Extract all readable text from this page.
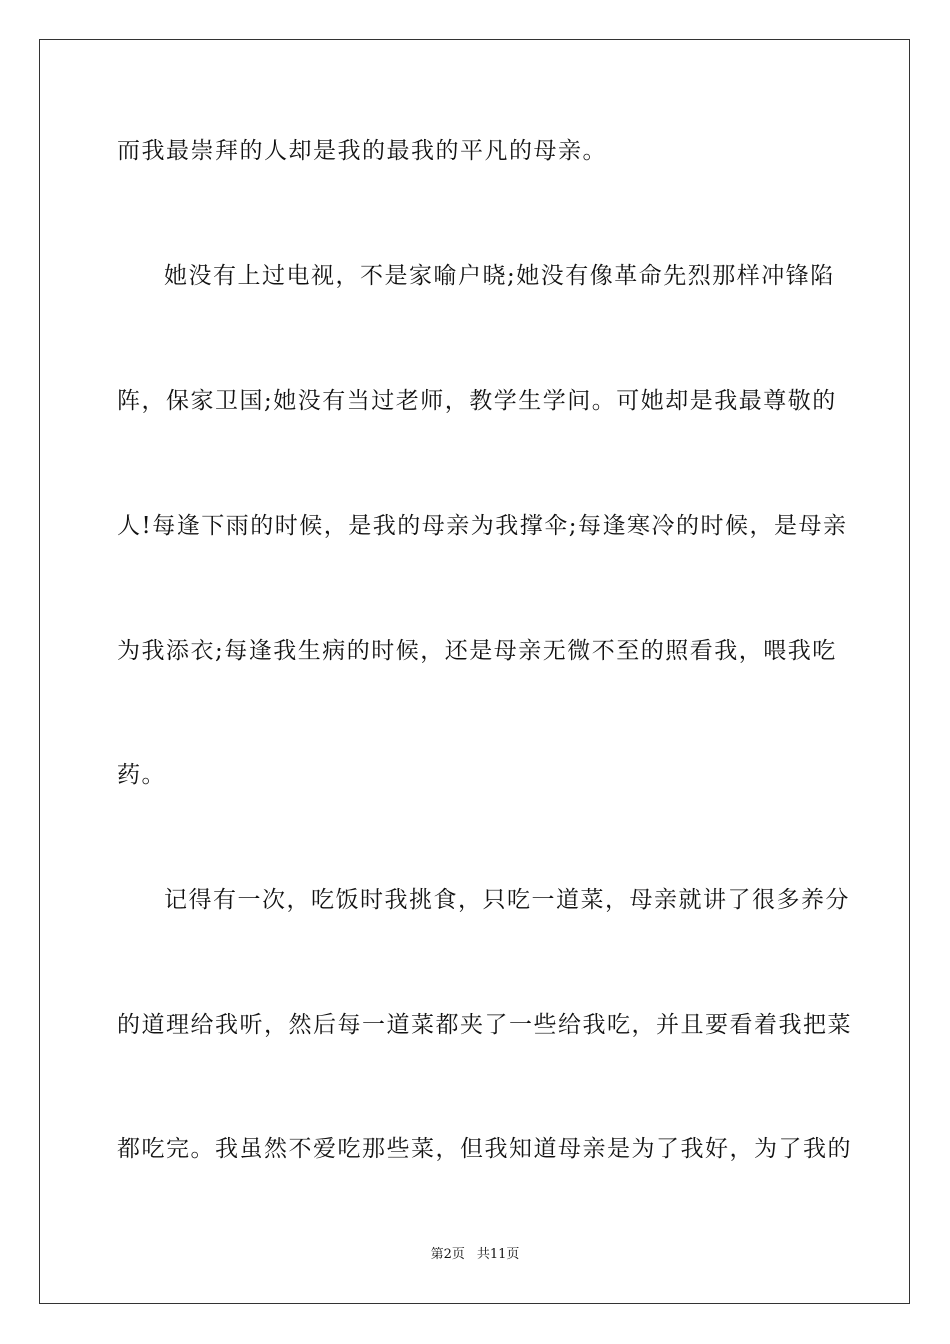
而我最崇拜的人却是我的最我的平凡的母亲。
她没有上过电视，不是家喻户晓;她没有像革命先烈那样冲锋陷
阵，保家卫国;她没有当过老师，教学生学问。可她却是我最尊敬的
人!每逢下雨的时候，是我的母亲为我撑伞;每逢寒冷的时候，是母亲
为我添衣;每逢我生病的时候，还是母亲无微不至的照看我，喂我吃
药。
记得有一次，吃饭时我挑食，只吃一道菜，母亲就讲了很多养分
的道理给我听，然后每一道菜都夹了一些给我吃，并且要看着我把菜
都吃完。我虽然不爱吃那些菜，但我知道母亲是为了我好，为了我的
第2页 共11页
